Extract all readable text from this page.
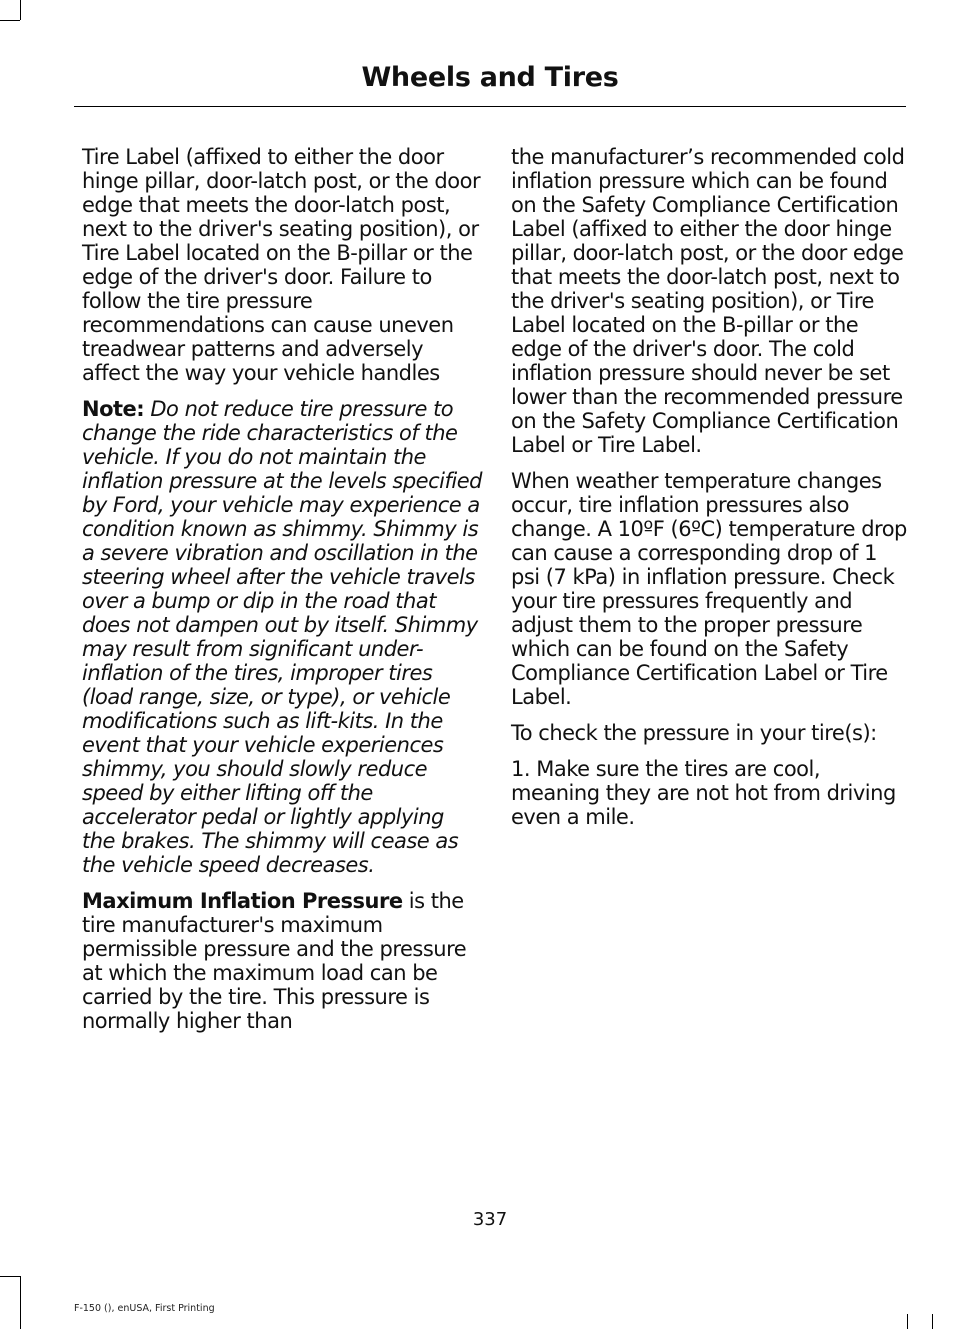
Wheels and Tires

Tire Label (affixed to either the door hinge pillar, door-latch post, or the door edge that meets the door-latch post, next to the driver's seating position), or Tire Label located on the B-pillar or the edge of the driver's door. Failure to follow the tire pressure recommendations can cause uneven treadwear patterns and adversely affect the way your vehicle handles

Note: Do not reduce tire pressure to change the ride characteristics of the vehicle. If you do not maintain the inflation pressure at the levels specified by Ford, your vehicle may experience a condition known as shimmy. Shimmy is a severe vibration and oscillation in the steering wheel after the vehicle travels over a bump or dip in the road that does not dampen out by itself. Shimmy may result from significant under-inflation of the tires, improper tires (load range, size, or type), or vehicle modifications such as lift-kits. In the event that your vehicle experiences shimmy, you should slowly reduce speed by either lifting off the accelerator pedal or lightly applying the brakes. The shimmy will cease as the vehicle speed decreases.

Maximum Inflation Pressure is the tire manufacturer's maximum permissible pressure and the pressure at which the maximum load can be carried by the tire. This pressure is normally higher than

the manufacturer’s recommended cold inflation pressure which can be found on the Safety Compliance Certification Label (affixed to either the door hinge pillar, door-latch post, or the door edge that meets the door-latch post, next to the driver's seating position), or Tire Label located on the B-pillar or the edge of the driver's door. The cold inflation pressure should never be set lower than the recommended pressure on the Safety Compliance Certification Label or Tire Label.

When weather temperature changes occur, tire inflation pressures also change. A 10ºF (6ºC) temperature drop can cause a corresponding drop of 1 psi (7 kPa) in inflation pressure. Check your tire pressures frequently and adjust them to the proper pressure which can be found on the Safety Compliance Certification Label or Tire Label.

To check the pressure in your tire(s):

1. Make sure the tires are cool, meaning they are not hot from driving even a mile.

337
F-150 (), enUSA, First Printing
